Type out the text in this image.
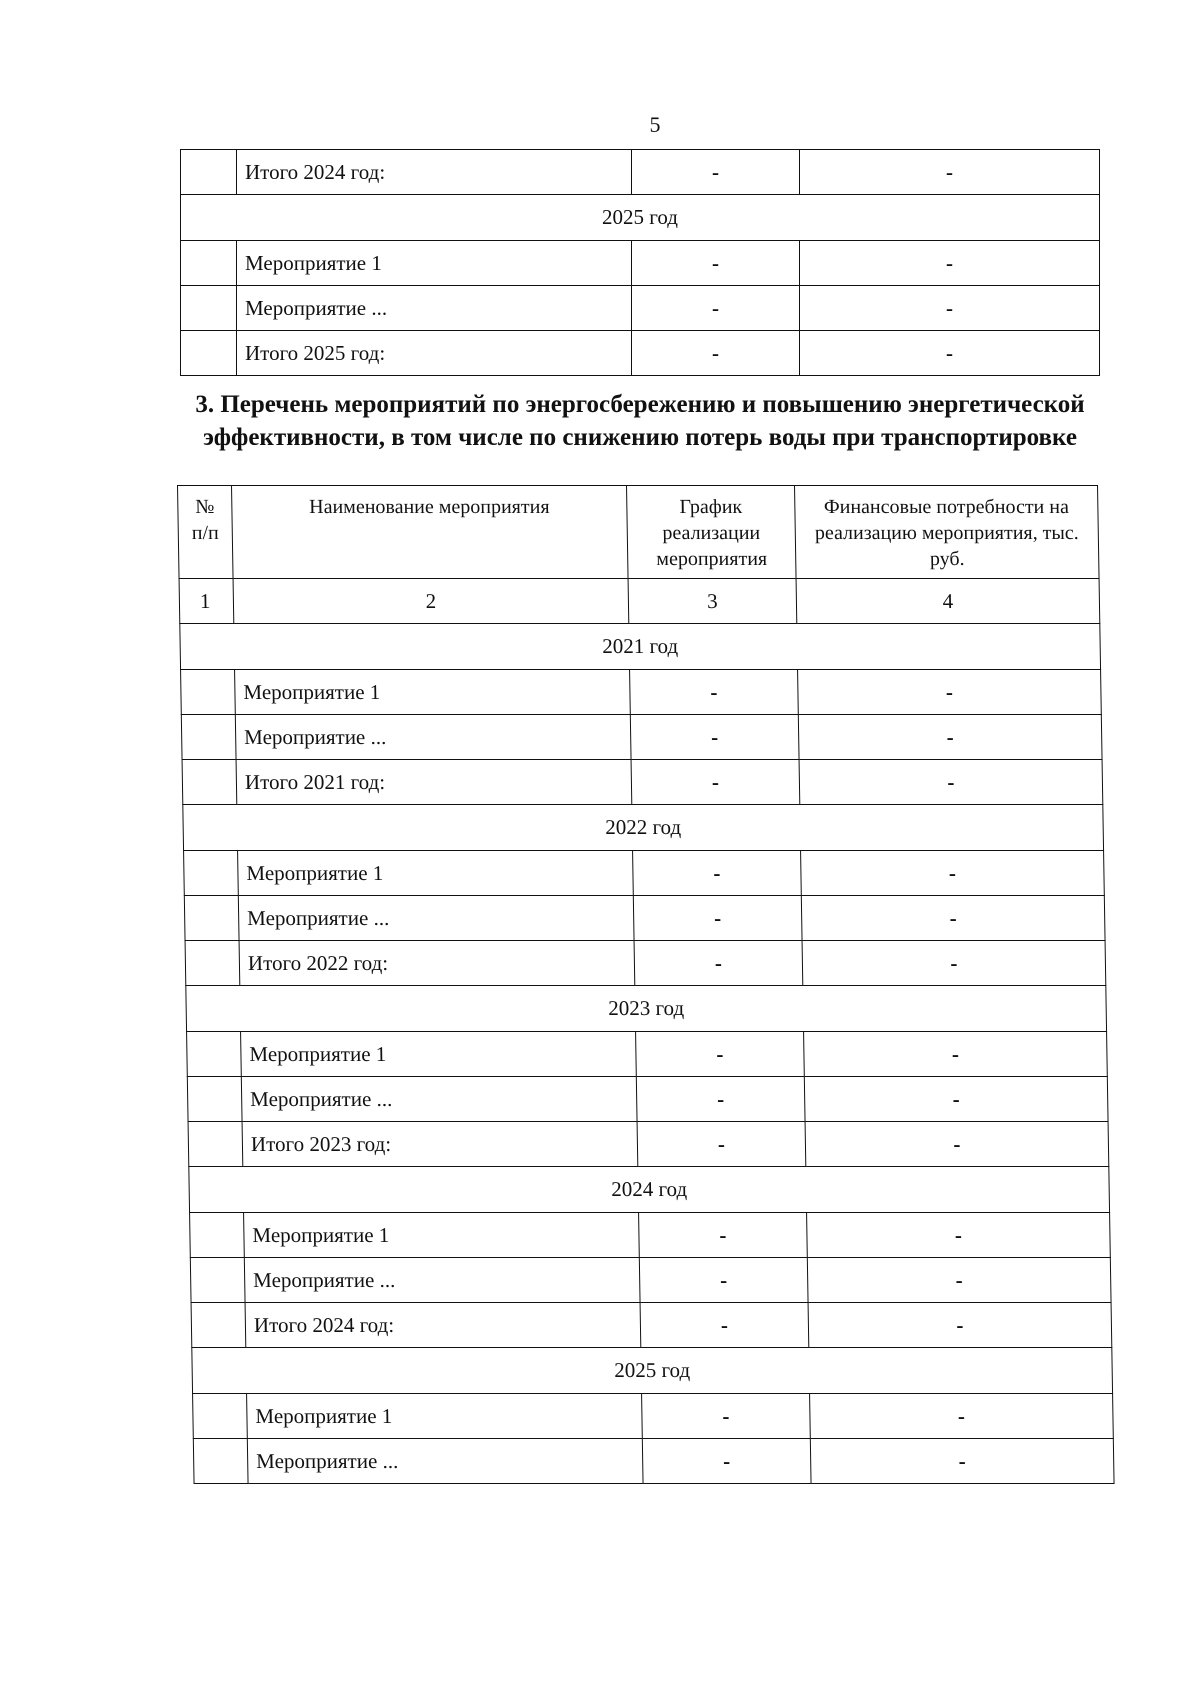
5
	Итого 2024 год:	-	-
2025 год			
	Мероприятие 1	-	-
	Мероприятие ...	-	-
	Итого 2025 год:	-	-
3. Перечень мероприятий по энергосбережению и повышению энергетической эффективности, в том числе по снижению потерь воды при транспортировке
№ п/п	Наименование мероприятия	График реализации мероприятия	Финансовые потребности на реализацию мероприятия, тыс. руб.
1	2	3	4
2021 год			
	Мероприятие 1	-	-
	Мероприятие ...	-	-
	Итого 2021 год:	-	-
2022 год			
	Мероприятие 1	-	-
	Мероприятие ...	-	-
	Итого 2022 год:	-	-
2023 год			
	Мероприятие 1	-	-
	Мероприятие ...	-	-
	Итого 2023 год:	-	-
2024 год			
	Мероприятие 1	-	-
	Мероприятие ...	-	-
	Итого 2024 год:	-	-
2025 год			
	Мероприятие 1	-	-
	Мероприятие ...	-	-
